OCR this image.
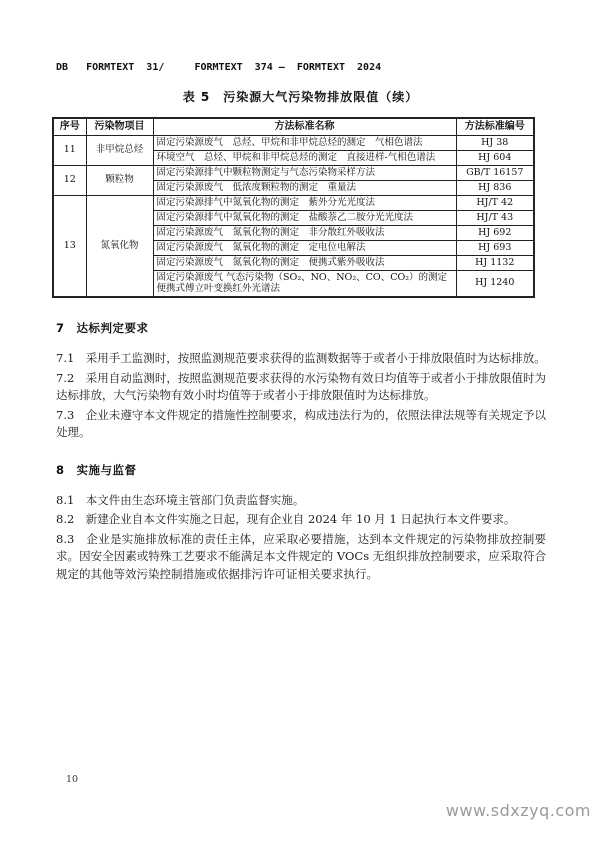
DB   FORMTEXT  31/     FORMTEXT  374 —  FORMTEXT  2024
表 5　污染源大气污染物排放限值（续）
序号	污染物项目	方法标准名称	方法标准编号
11	非甲烷总烃	固定污染源废气　总烃、甲烷和非甲烷总烃的测定　气相色谱法	HJ 38
		环境空气　总烃、甲烷和非甲烷总烃的测定　直接进样-气相色谱法	HJ 604
12	颗粒物	固定污染源排气中颗粒物测定与气态污染物采样方法	GB/T 16157
		固定污染源废气　低浓度颗粒物的测定　重量法	HJ 836
13	氮氧化物	固定污染源排气中氮氧化物的测定　紫外分光光度法	HJ/T 42
		固定污染源排气中氮氧化物的测定　盐酸萘乙二胺分光光度法	HJ/T 43
		固定污染源废气　氮氧化物的测定　非分散红外吸收法	HJ 692
		固定污染源废气　氮氧化物的测定　定电位电解法	HJ 693
		固定污染源废气　氮氧化物的测定　便携式紫外吸收法	HJ 1132
		固定污染源废气 气态污染物（SO₂、NO、NO₂、CO、CO₂）的测定 便携式傅立叶变换红外光谱法	HJ 1240
7　达标判定要求

7.1　采用手工监测时，按照监测规范要求获得的监测数据等于或者小于排放限值时为达标排放。

7.2　采用自动监测时，按照监测规范要求获得的水污染物有效日均值等于或者小于排放限值时为达标排放，大气污染物有效小时均值等于或者小于排放限值时为达标排放。

7.3　企业未遵守本文件规定的措施性控制要求，构成违法行为的，依照法律法规等有关规定予以处理。

8　实施与监督

8.1　本文件由生态环境主管部门负责监督实施。

8.2　新建企业自本文件实施之日起，现有企业自 2024 年 10 月 1 日起执行本文件要求。

8.3　企业是实施排放标准的责任主体，应采取必要措施，达到本文件规定的污染物排放控制要求。因安全因素或特殊工艺要求不能满足本文件规定的 VOCs 无组织排放控制要求，应采取符合规定的其他等效污染控制措施或依据排污许可证相关要求执行。

10
www.sdxzyq.com
